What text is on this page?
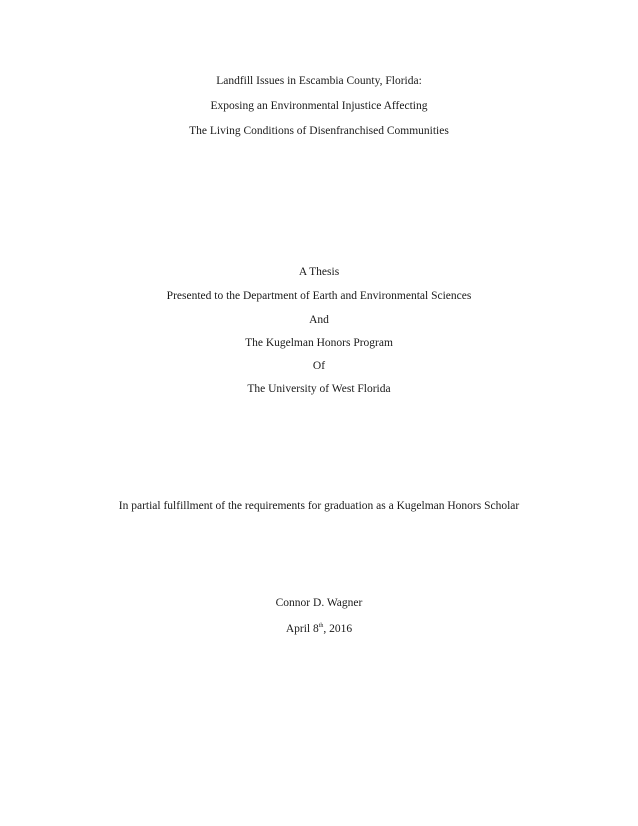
Landfill Issues in Escambia County, Florida:
Exposing an Environmental Injustice Affecting
The Living Conditions of Disenfranchised Communities
A Thesis
Presented to the Department of Earth and Environmental Sciences
And
The Kugelman Honors Program
Of
The University of West Florida
In partial fulfillment of the requirements for graduation as a Kugelman Honors Scholar
Connor D. Wagner
April 8th, 2016
